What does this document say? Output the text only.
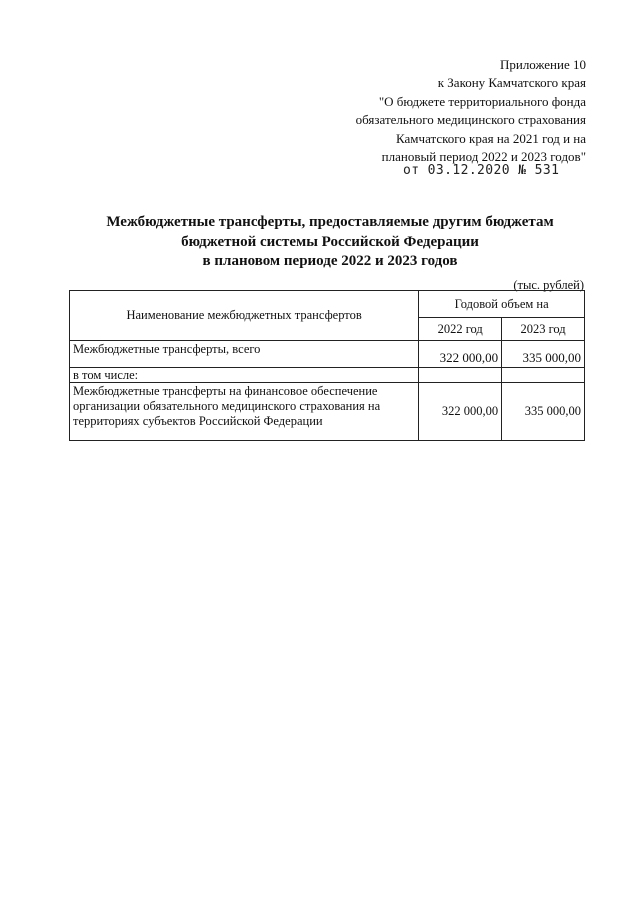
Приложение 10
к Закону Камчатского края
"О бюджете территориального фонда
обязательного медицинского страхования
Камчатского края на 2021 год и на
плановый период 2022 и 2023 годов"
от 03.12.2020 № 531
Межбюджетные трансферты, предоставляемые другим бюджетам
бюджетной системы Российской Федерации
в плановом периоде 2022 и 2023 годов
(тыс. рублей)
Наименование межбюджетных трансфертов	Годовой объем на	
	2022 год	2023 год
Межбюджетные трансферты, всего	322 000,00	335 000,00
в том числе:		
Межбюджетные трансферты на финансовое обеспечение организации обязательного медицинского страхования на территориях субъектов Российской Федерации	322 000,00	335 000,00
